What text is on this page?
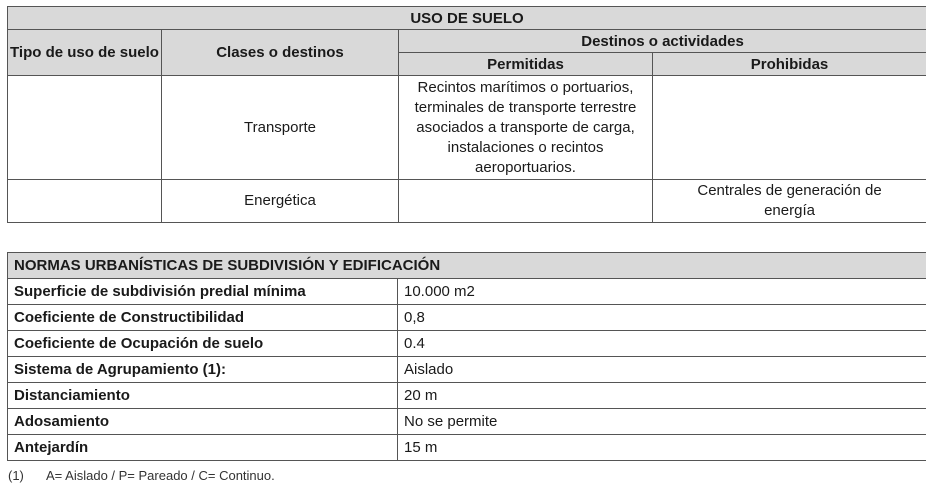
USO DE SUELO			
Tipo de uso de suelo	Clases o destinos	Destinos o actividades	
		Permitidas	Prohibidas
	Transporte	Recintos marítimos o portuarios, terminales de transporte terrestre asociados a transporte de carga, instalaciones o recintos aeroportuarios.	
	Energética		Centrales de generación de energía
NORMAS URBANÍSTICAS DE SUBDIVISIÓN Y EDIFICACIÓN	
Superficie de subdivisión predial mínima	10.000 m2
Coeficiente de Constructibilidad	0,8
Coeficiente de Ocupación de suelo	0.4
Sistema de Agrupamiento (1):	Aislado
Distanciamiento	20 m
Adosamiento	No se permite
Antejardín	15 m
(1) A= Aislado / P= Pareado / C= Continuo.
